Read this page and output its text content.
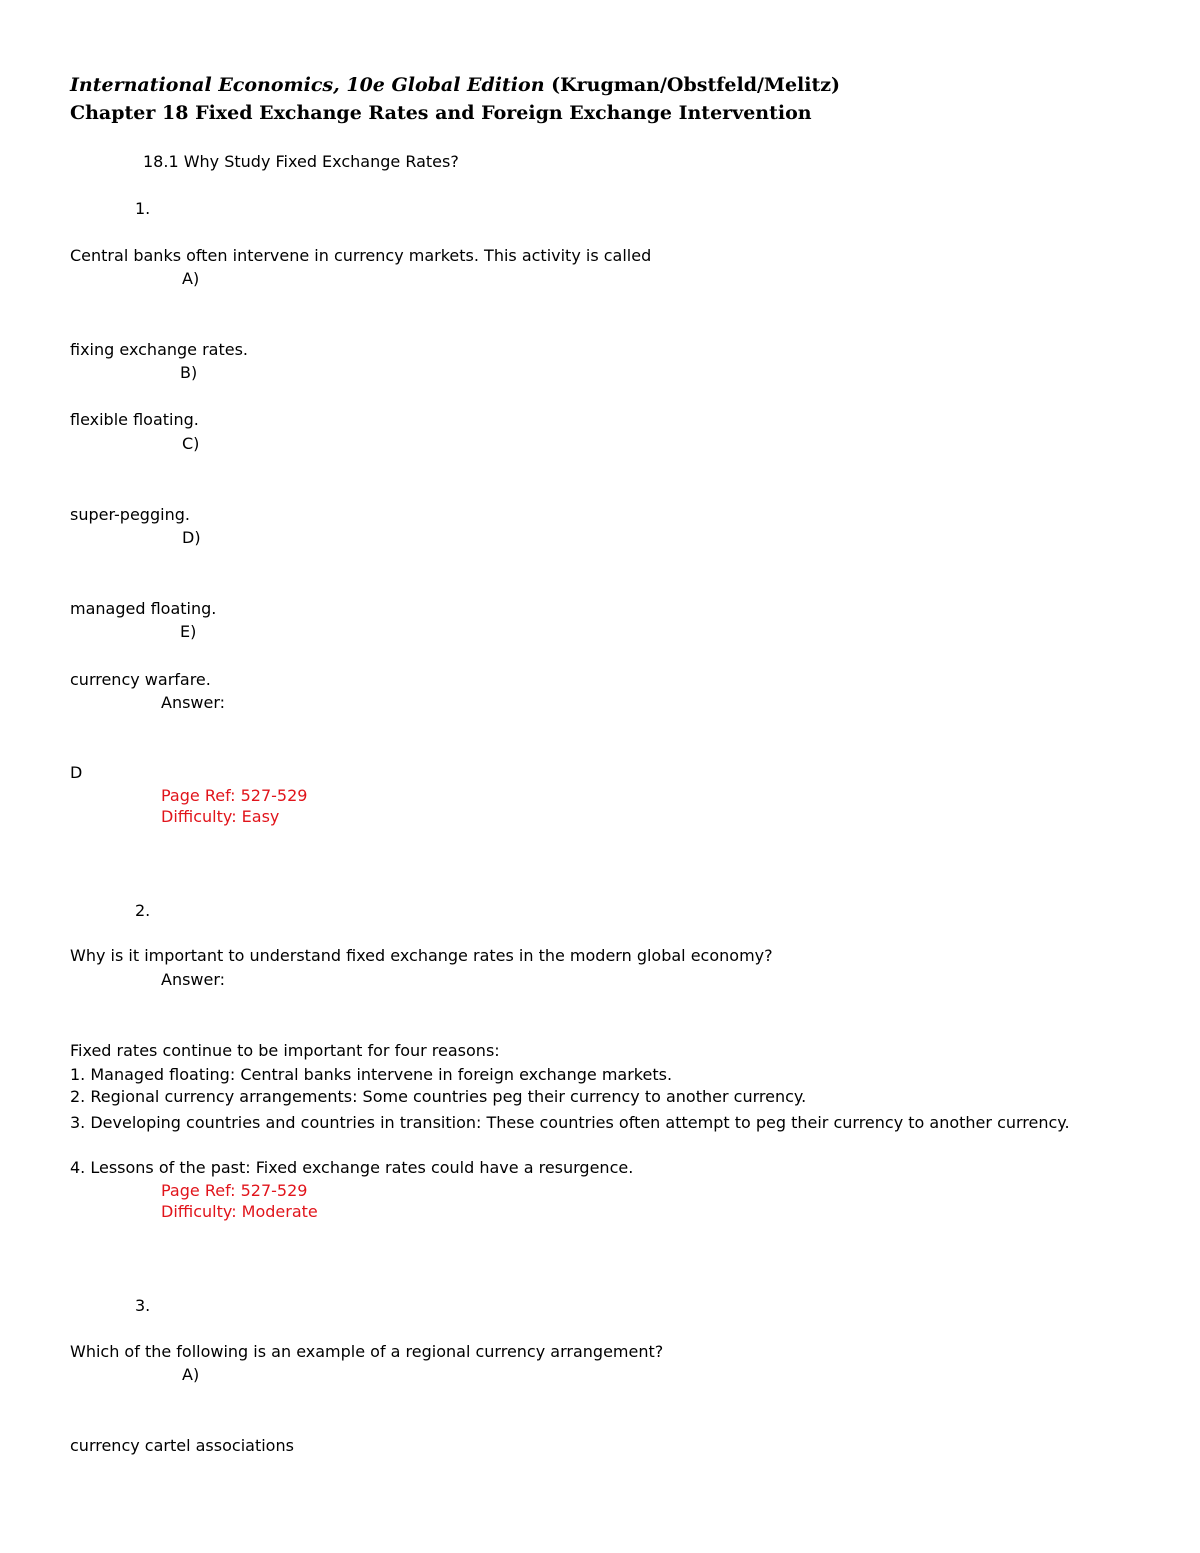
International Economics, 10e Global Edition (Krugman/Obstfeld/Melitz)
Chapter 18 Fixed Exchange Rates and Foreign Exchange Intervention
18.1 Why Study Fixed Exchange Rates?
1.
Central banks often intervene in currency markets. This activity is called
A)
fixing exchange rates.
B)
flexible floating.
C)
super-pegging.
D)
managed floating.
E)
currency warfare.
Answer:
D
Page Ref: 527-529
Difficulty: Easy
2.
Why is it important to understand fixed exchange rates in the modern global economy?
Answer:
Fixed rates continue to be important for four reasons:
1. Managed floating: Central banks intervene in foreign exchange markets.
2. Regional currency arrangements: Some countries peg their currency to another currency.
3. Developing countries and countries in transition: These countries often attempt to peg their currency to another currency.
4. Lessons of the past: Fixed exchange rates could have a resurgence.
Page Ref: 527-529
Difficulty: Moderate
3.
Which of the following is an example of a regional currency arrangement?
A)
currency cartel associations
